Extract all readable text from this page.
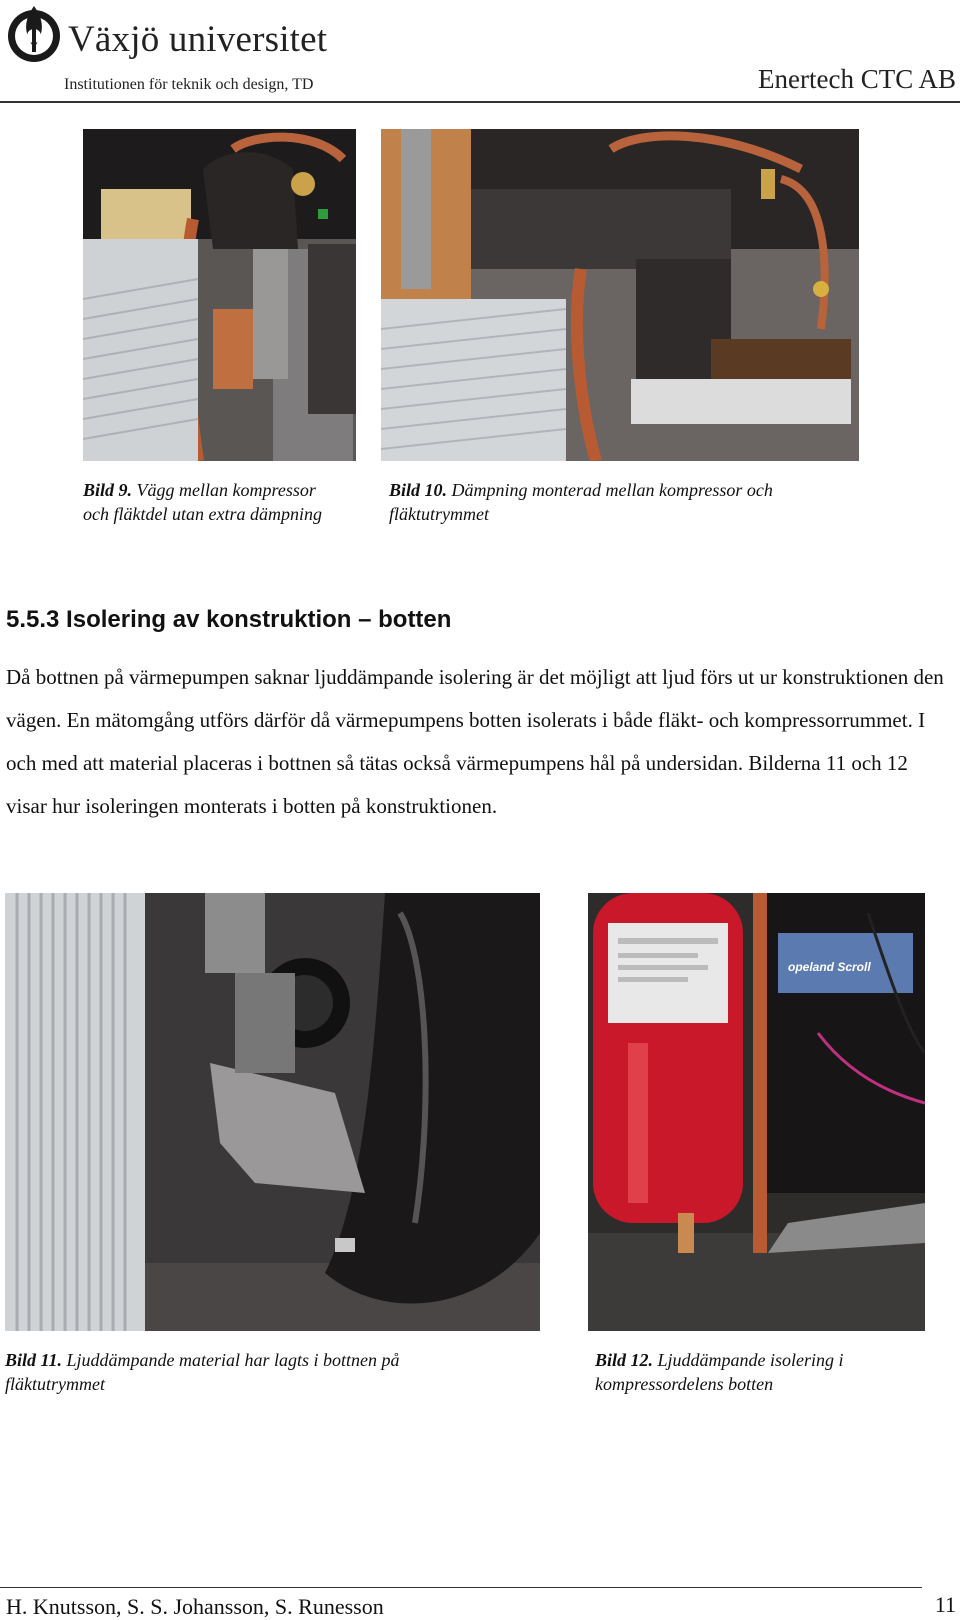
Växjö universitet
Institutionen för teknik och design, TD	Enertech CTC AB
Bild 9. Vägg mellan kompressor
och fläktdel utan extra dämpning
Bild 10. Dämpning monterad mellan kompressor och
fläktutrymmet
5.5.3 Isolering av konstruktion – botten
Då bottnen på värmepumpen saknar ljuddämpande isolering är det möjligt att ljud förs ut ur konstruktionen den vägen. En mätomgång utförs därför då värmepumpens botten isolerats i både fläkt- och kompressorrummet. I och med att material placeras i bottnen så tätas också värmepumpens hål på undersidan. Bilderna 11 och 12 visar hur isoleringen monterats i botten på konstruktionen.
opeland Scroll
Bild 11. Ljuddämpande material har lagts i bottnen på
fläktutrymmet
Bild 12. Ljuddämpande isolering i
kompressordelens botten
H. Knutsson, S. S. Johansson, S. Runesson	11
